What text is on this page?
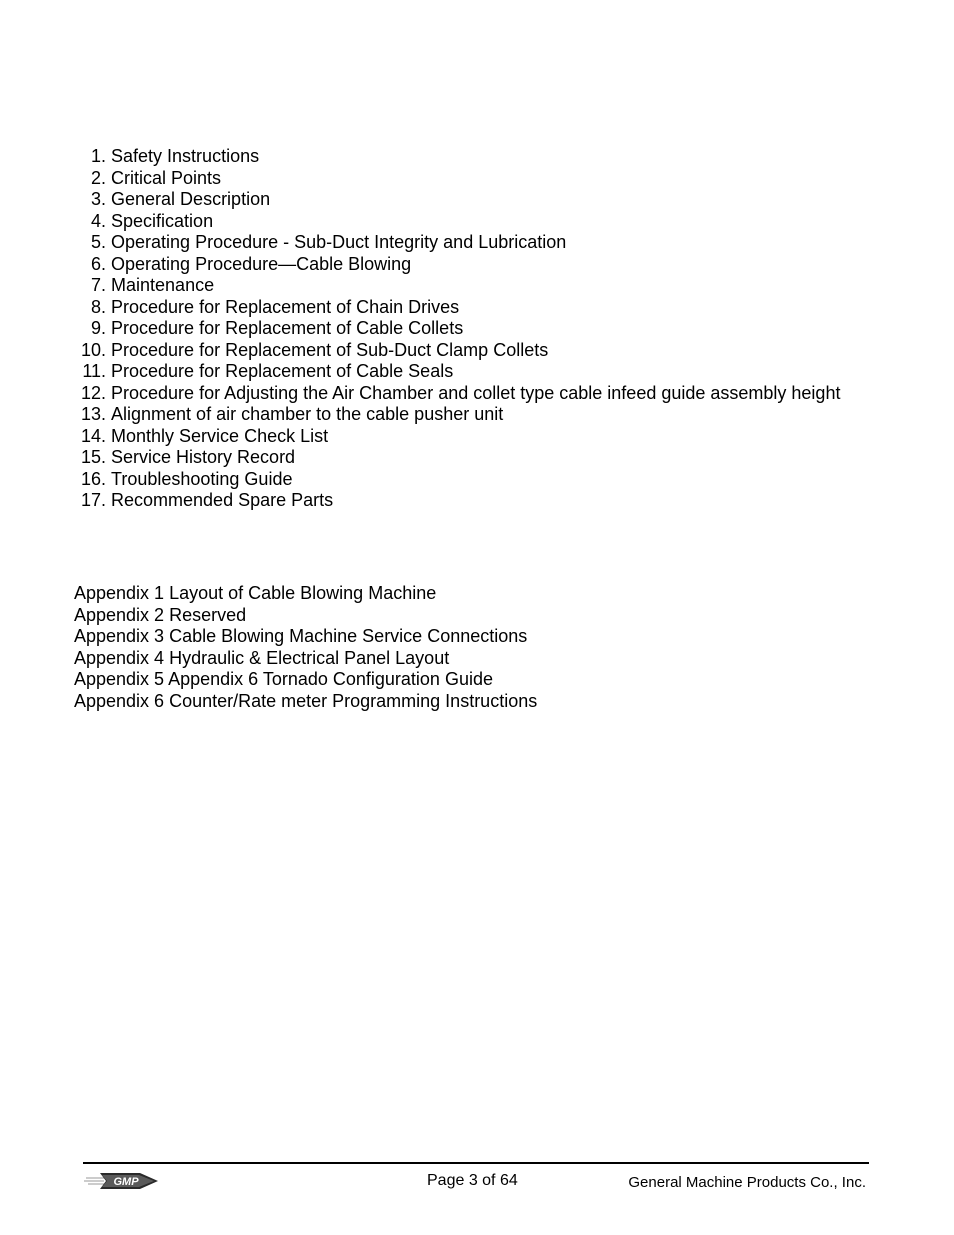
1.
Safety Instructions
2.
Critical Points
3.
General Description
4.
Specification
5.
Operating Procedure - Sub-Duct Integrity and Lubrication
6.
Operating Procedure—Cable Blowing
7.
Maintenance
8.
Procedure for Replacement of Chain Drives
9.
Procedure for Replacement of Cable Collets
10.
Procedure for Replacement of Sub-Duct Clamp Collets
11.
Procedure for Replacement of Cable Seals
12.
Procedure for Adjusting the Air Chamber and collet type cable infeed guide assembly height
13.
Alignment of air chamber to the cable pusher unit
14.
Monthly Service Check List
15.
Service History Record
16.
Troubleshooting Guide
17.
Recommended Spare Parts
Appendix 1 Layout of Cable Blowing Machine
Appendix 2 Reserved
Appendix 3 Cable Blowing Machine Service Connections
Appendix 4 Hydraulic & Electrical Panel Layout
Appendix 5 Appendix 6 Tornado Configuration Guide
Appendix 6 Counter/Rate meter Programming Instructions
GMP	Page 3 of 64	General Machine Products Co., Inc.
